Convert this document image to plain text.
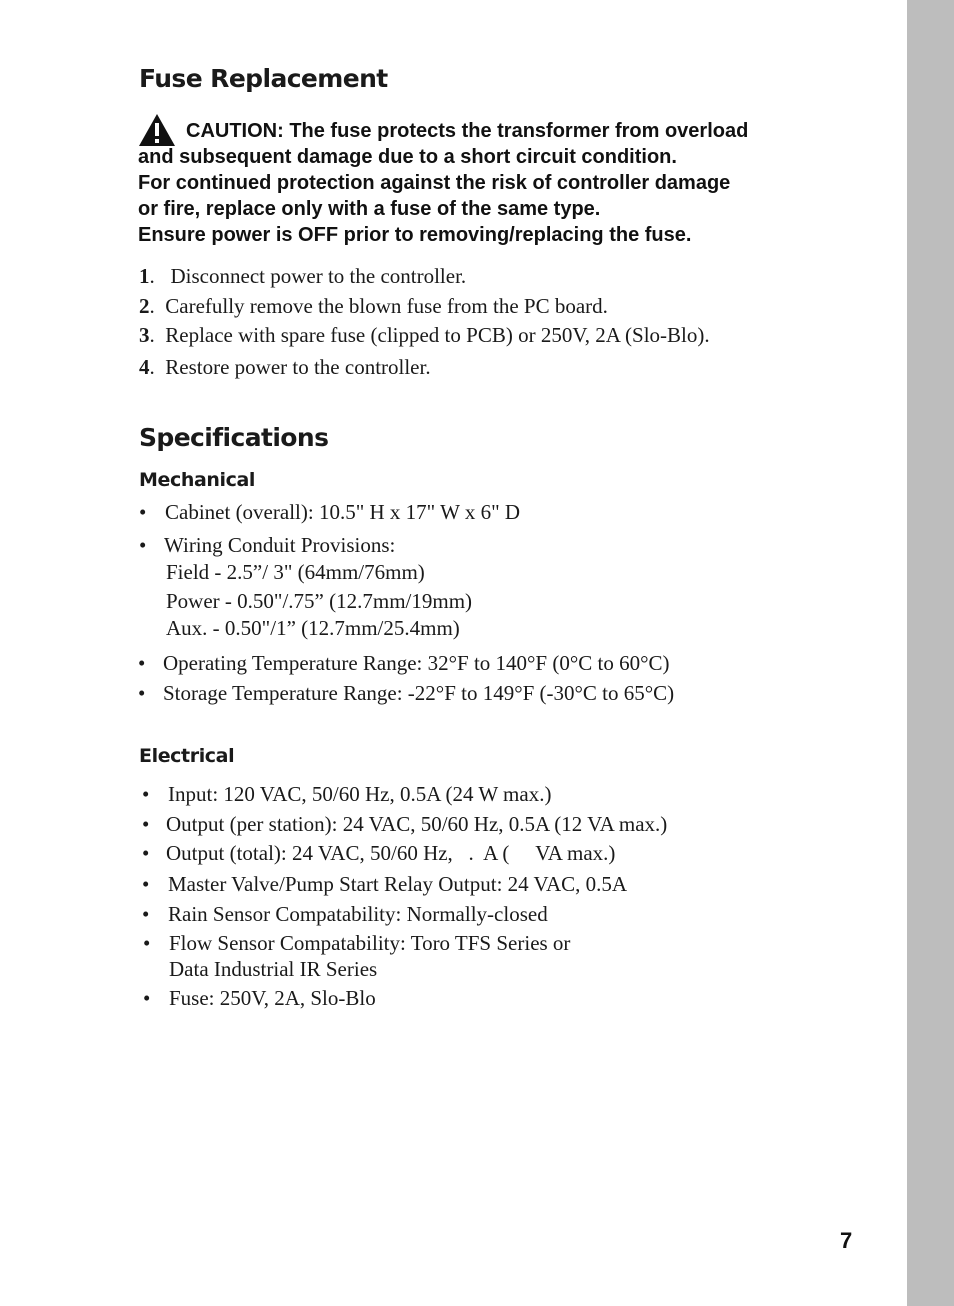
Fuse Replacement
CAUTION: The fuse protects the transformer from overload
and subsequent damage due to a short circuit condition.
For continued protection against the risk of controller damage
or fire, replace only with a fuse of the same type.
Ensure power is OFF prior to removing/replacing the fuse.
1.   Disconnect power to the controller.
2.  Carefully remove the blown fuse from the PC board.
3.  Replace with spare fuse (clipped to PCB) or 250V, 2A (Slo-Blo).
4.  Restore power to the controller.
Specifications
Mechanical
• Cabinet (overall): 10.5" H x 17" W x 6" D
• Wiring Conduit Provisions:
Field - 2.5”/ 3" (64mm/76mm)
Power - 0.50"/.75” (12.7mm/19mm)
Aux. - 0.50"/1” (12.7mm/25.4mm)
• Operating Temperature Range: 32°F to 140°F (0°C to 60°C)
• Storage Temperature Range: -22°F to 149°F (-30°C to 65°C)
Electrical
• Input: 120 VAC, 50/60 Hz, 0.5A (24 W max.)
• Output (per station): 24 VAC, 50/60 Hz, 0.5A (12 VA max.)
• Output (total): 24 VAC, 50/60 Hz,   .  A (     VA max.)
• Master Valve/Pump Start Relay Output: 24 VAC, 0.5A
• Rain Sensor Compatability: Normally-closed
• Flow Sensor Compatability: Toro TFS Series or
Data Industrial IR Series
• Fuse: 250V, 2A, Slo-Blo
7
